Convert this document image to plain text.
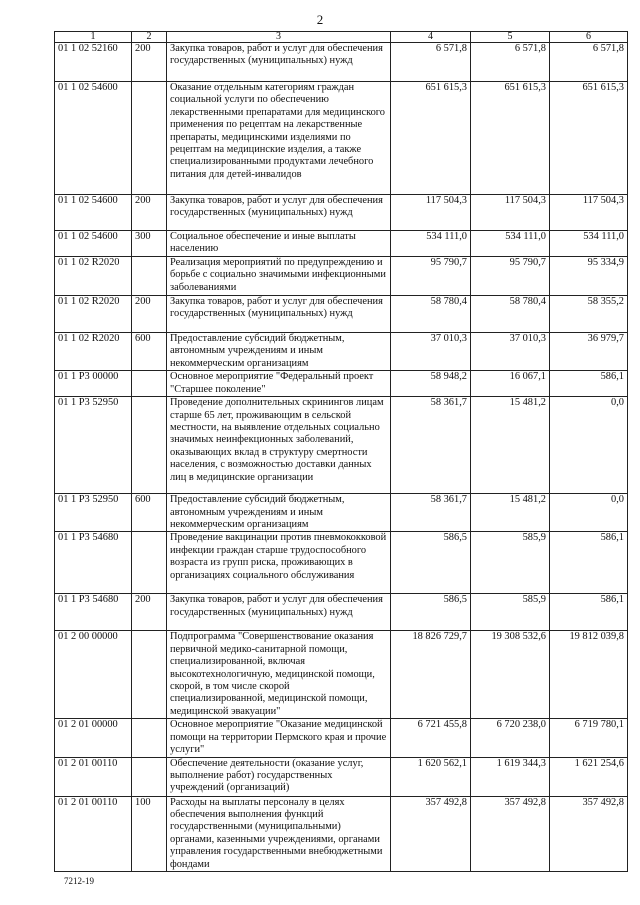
2
1	2	3	4	5	6
01 1 02 52160	200	Закупка товаров, работ и услуг для обеспечения государственных (муниципальных) нужд	6 571,8	6 571,8	6 571,8
01 1 02 54600		Оказание отдельным категориям граждан социальной услуги по обеспечению лекарственными препаратами для медицинского применения по рецептам на лекарственные препараты, медицинскими изделиями по рецептам на медицинские изделия, а также специализированными продуктами лечебного питания для детей-инвалидов	651 615,3	651 615,3	651 615,3
01 1 02 54600	200	Закупка товаров, работ и услуг для обеспечения государственных (муниципальных) нужд	117 504,3	117 504,3	117 504,3
01 1 02 54600	300	Социальное обеспечение и иные выплаты населению	534 111,0	534 111,0	534 111,0
01 1 02 R2020		Реализация мероприятий по предупреждению и борьбе с социально значимыми инфекционными заболеваниями	95 790,7	95 790,7	95 334,9
01 1 02 R2020	200	Закупка товаров, работ и услуг для обеспечения государственных (муниципальных) нужд	58 780,4	58 780,4	58 355,2
01 1 02 R2020	600	Предоставление субсидий бюджетным, автономным учреждениям и иным некоммерческим организациям	37 010,3	37 010,3	36 979,7
01 1 P3 00000		Основное мероприятие "Федеральный проект "Старшее поколение"	58 948,2	16 067,1	586,1
01 1 P3 52950		Проведение дополнительных скринингов лицам старше 65 лет, проживающим в сельской местности, на выявление отдельных социально значимых неинфекционных заболеваний, оказывающих вклад в структуру смертности населения, с возможностью доставки данных лиц в медицинские организации	58 361,7	15 481,2	0,0
01 1 P3 52950	600	Предоставление субсидий бюджетным, автономным учреждениям и иным некоммерческим организациям	58 361,7	15 481,2	0,0
01 1 P3 54680		Проведение вакцинации против пневмококковой инфекции граждан старше трудоспособного возраста из групп риска, проживающих в организациях социального обслуживания	586,5	585,9	586,1
01 1 P3 54680	200	Закупка товаров, работ и услуг для обеспечения государственных (муниципальных) нужд	586,5	585,9	586,1
01 2 00 00000		Подпрограмма "Совершенствование оказания первичной медико-санитарной помощи, специализированной, включая высокотехнологичную, медицинской помощи, скорой, в том числе скорой специализированной, медицинской помощи, медицинской эвакуации"	18 826 729,7	19 308 532,6	19 812 039,8
01 2 01 00000		Основное мероприятие "Оказание медицинской помощи на территории Пермского края и прочие услуги"	6 721 455,8	6 720 238,0	6 719 780,1
01 2 01 00110		Обеспечение деятельности (оказание услуг, выполнение работ) государственных учреждений (организаций)	1 620 562,1	1 619 344,3	1 621 254,6
01 2 01 00110	100	Расходы на выплаты персоналу в целях обеспечения выполнения функций государственными (муниципальными) органами, казенными учреждениями, органами управления государственными внебюджетными фондами	357 492,8	357 492,8	357 492,8
7212-19
